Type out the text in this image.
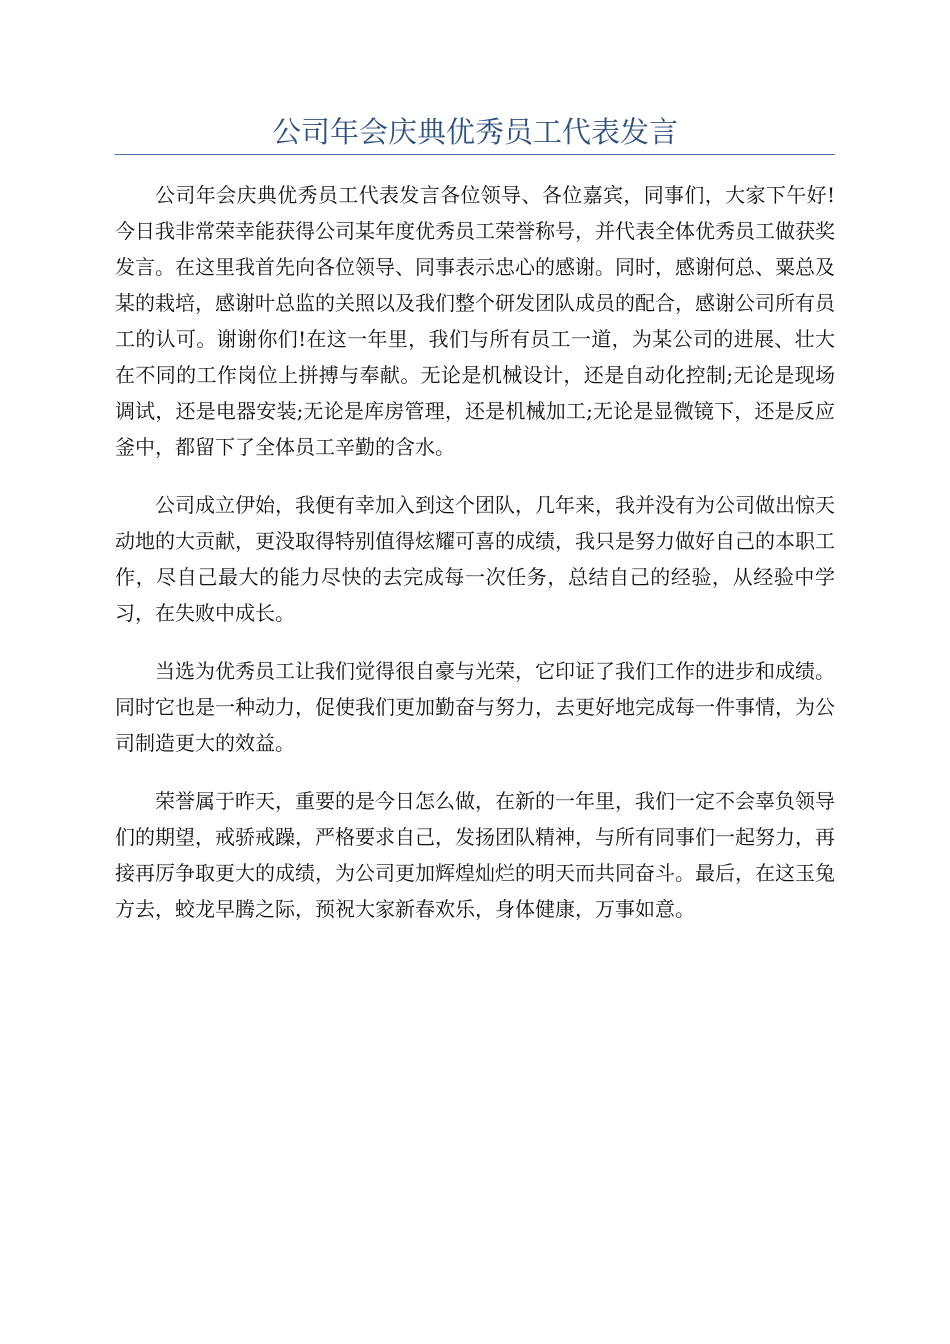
公司年会庆典优秀员工代表发言

公司年会庆典优秀员工代表发言各位领导、各位嘉宾，同事们，大家下午好!今日我非常荣幸能获得公司某年度优秀员工荣誉称号，并代表全体优秀员工做获奖发言。在这里我首先向各位领导、同事表示忠心的感谢。同时，感谢何总、粟总及某的栽培，感谢叶总监的关照以及我们整个研发团队成员的配合，感谢公司所有员工的认可。谢谢你们!在这一年里，我们与所有员工一道，为某公司的进展、壮大在不同的工作岗位上拼搏与奉献。无论是机械设计，还是自动化控制;无论是现场调试，还是电器安装;无论是库房管理，还是机械加工;无论是显微镜下，还是反应釜中，都留下了全体员工辛勤的含水。

公司成立伊始，我便有幸加入到这个团队，几年来，我并没有为公司做出惊天动地的大贡献，更没取得特别值得炫耀可喜的成绩，我只是努力做好自己的本职工作，尽自己最大的能力尽快的去完成每一次任务，总结自己的经验，从经验中学习，在失败中成长。

当选为优秀员工让我们觉得很自豪与光荣，它印证了我们工作的进步和成绩。同时它也是一种动力，促使我们更加勤奋与努力，去更好地完成每一件事情，为公司制造更大的效益。

荣誉属于昨天，重要的是今日怎么做，在新的一年里，我们一定不会辜负领导们的期望，戒骄戒躁，严格要求自己，发扬团队精神，与所有同事们一起努力，再接再厉争取更大的成绩，为公司更加辉煌灿烂的明天而共同奋斗。最后，在这玉兔方去，蛟龙早腾之际，预祝大家新春欢乐，身体健康，万事如意。
